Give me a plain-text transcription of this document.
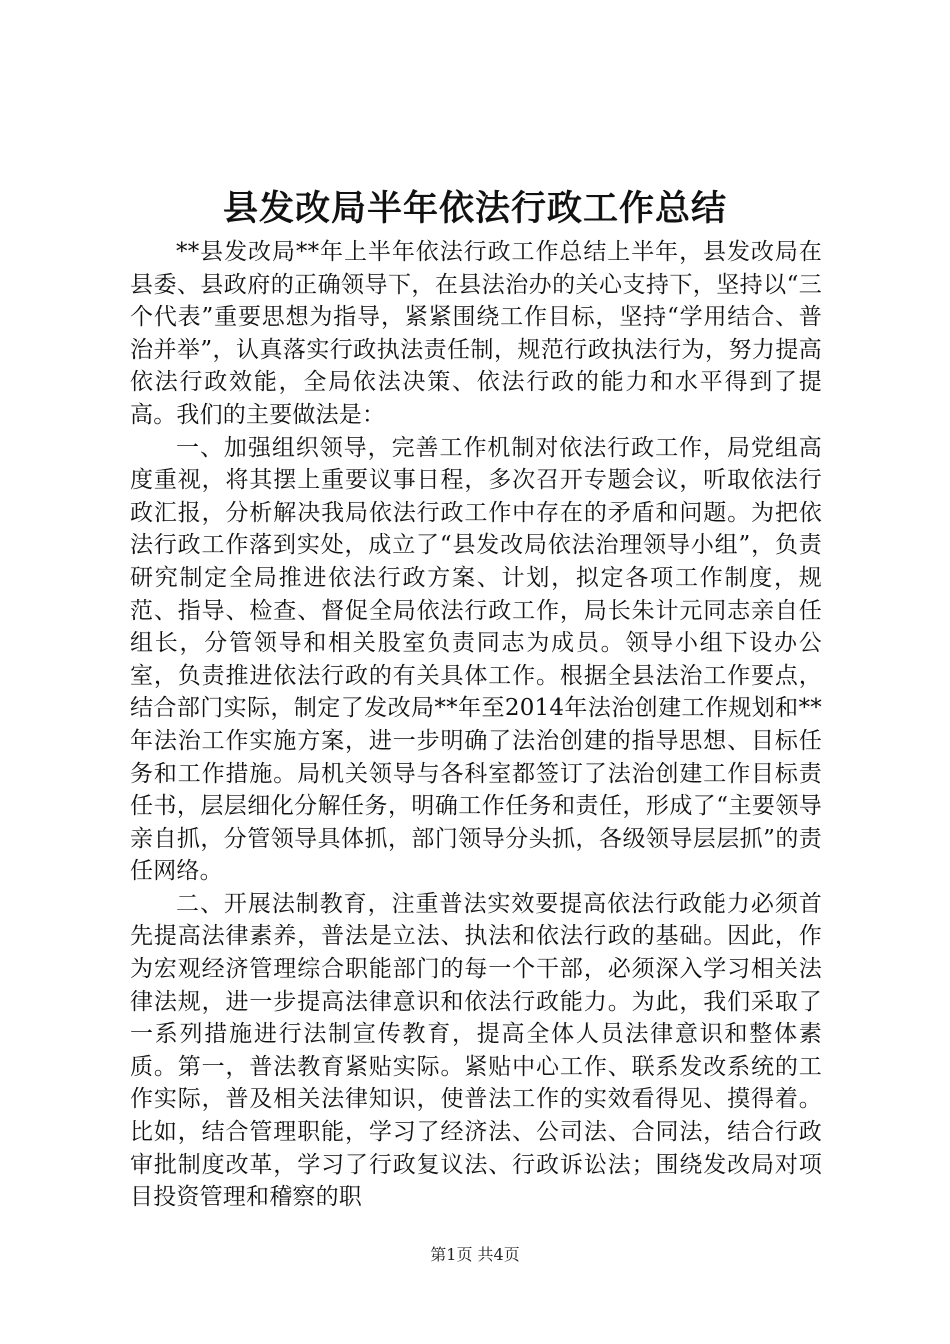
县发改局半年依法行政工作总结

**县发改局**年上半年依法行政工作总结上半年，县发改局在县委、县政府的正确领导下，在县法治办的关心支持下，坚持以“三个代表”重要思想为指导，紧紧围绕工作目标，坚持“学用结合、普治并举”，认真落实行政执法责任制，规范行政执法行为，努力提高依法行政效能，全局依法决策、依法行政的能力和水平得到了提高。我们的主要做法是：

一、加强组织领导，完善工作机制对依法行政工作，局党组高度重视，将其摆上重要议事日程，多次召开专题会议，听取依法行政汇报，分析解决我局依法行政工作中存在的矛盾和问题。为把依法行政工作落到实处，成立了“县发改局依法治理领导小组”，负责研究制定全局推进依法行政方案、计划，拟定各项工作制度，规范、指导、检查、督促全局依法行政工作，局长朱计元同志亲自任组长，分管领导和相关股室负责同志为成员。领导小组下设办公室，负责推进依法行政的有关具体工作。根据全县法治工作要点，结合部门实际，制定了发改局**年至2014年法治创建工作规划和**年法治工作实施方案，进一步明确了法治创建的指导思想、目标任务和工作措施。局机关领导与各科室都签订了法治创建工作目标责任书，层层细化分解任务，明确工作任务和责任，形成了“主要领导亲自抓，分管领导具体抓，部门领导分头抓，各级领导层层抓”的责任网络。

二、开展法制教育，注重普法实效要提高依法行政能力必须首先提高法律素养，普法是立法、执法和依法行政的基础。因此，作为宏观经济管理综合职能部门的每一个干部，必须深入学习相关法律法规，进一步提高法律意识和依法行政能力。为此，我们采取了一系列措施进行法制宣传教育，提高全体人员法律意识和整体素质。第一，普法教育紧贴实际。紧贴中心工作、联系发改系统的工作实际，普及相关法律知识，使普法工作的实效看得见、摸得着。比如，结合管理职能，学习了经济法、公司法、合同法，结合行政审批制度改革，学习了行政复议法、行政诉讼法；围绕发改局对项目投资管理和稽察的职

第1页 共4页
